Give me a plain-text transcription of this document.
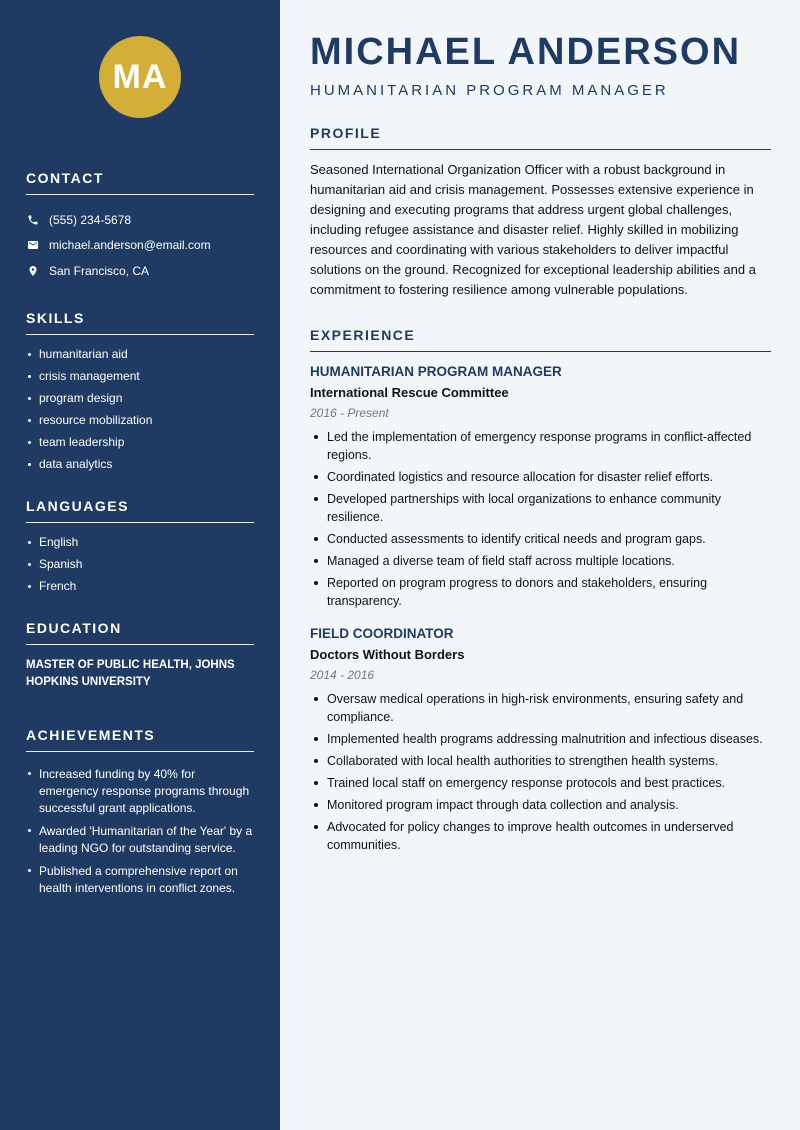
MA
CONTACT
(555) 234-5678
michael.anderson@email.com
San Francisco, CA
SKILLS
humanitarian aid
crisis management
program design
resource mobilization
team leadership
data analytics
LANGUAGES
English
Spanish
French
EDUCATION
MASTER OF PUBLIC HEALTH, JOHNS HOPKINS UNIVERSITY
ACHIEVEMENTS
Increased funding by 40% for emergency response programs through successful grant applications.
Awarded 'Humanitarian of the Year' by a leading NGO for outstanding service.
Published a comprehensive report on health interventions in conflict zones.
MICHAEL ANDERSON
HUMANITARIAN PROGRAM MANAGER
PROFILE

Seasoned International Organization Officer with a robust background in humanitarian aid and crisis management. Possesses extensive experience in designing and executing programs that address urgent global challenges, including refugee assistance and disaster relief. Highly skilled in mobilizing resources and coordinating with various stakeholders to deliver impactful solutions on the ground. Recognized for exceptional leadership abilities and a commitment to fostering resilience among vulnerable populations.

EXPERIENCE
HUMANITARIAN PROGRAM MANAGER
International Rescue Committee
2016 - Present
Led the implementation of emergency response programs in conflict-affected regions.
Coordinated logistics and resource allocation for disaster relief efforts.
Developed partnerships with local organizations to enhance community resilience.
Conducted assessments to identify critical needs and program gaps.
Managed a diverse team of field staff across multiple locations.
Reported on program progress to donors and stakeholders, ensuring transparency.
FIELD COORDINATOR
Doctors Without Borders
2014 - 2016
Oversaw medical operations in high-risk environments, ensuring safety and compliance.
Implemented health programs addressing malnutrition and infectious diseases.
Collaborated with local health authorities to strengthen health systems.
Trained local staff on emergency response protocols and best practices.
Monitored program impact through data collection and analysis.
Advocated for policy changes to improve health outcomes in underserved communities.
